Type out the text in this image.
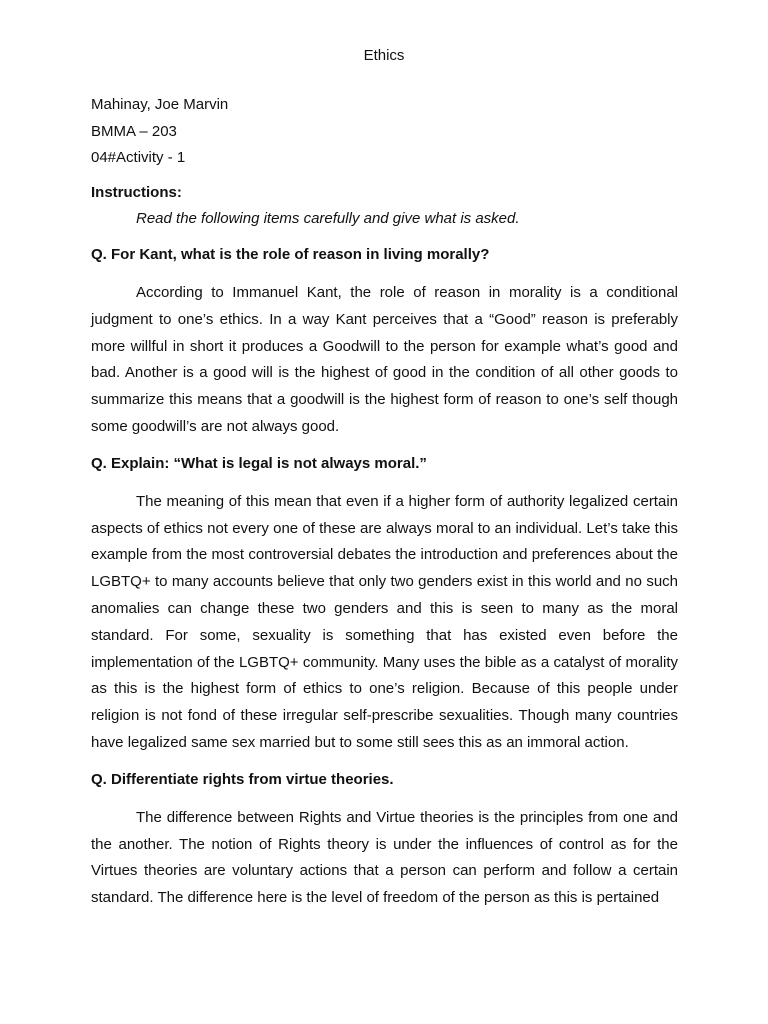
Ethics
Mahinay, Joe Marvin
BMMA – 203
04#Activity - 1

Instructions:

Read the following items carefully and give what is asked.

Q. For Kant, what is the role of reason in living morally?

According to Immanuel Kant, the role of reason in morality is a conditional judgment to one’s ethics. In a way Kant perceives that a “Good” reason is preferably more willful in short it produces a Goodwill to the person for example what’s good and bad. Another is a good will is the highest of good in the condition of all other goods to summarize this means that a goodwill is the highest form of reason to one’s self though some goodwill’s are not always good.

Q. Explain: “What is legal is not always moral.”

The meaning of this mean that even if a higher form of authority legalized certain aspects of ethics not every one of these are always moral to an individual. Let’s take this example from the most controversial debates the introduction and preferences about the LGBTQ+ to many accounts believe that only two genders exist in this world and no such anomalies can change these two genders and this is seen to many as the moral standard. For some, sexuality is something that has existed even before the implementation of the LGBTQ+ community. Many uses the bible as a catalyst of morality as this is the highest form of ethics to one’s religion. Because of this people under religion is not fond of these irregular self-prescribe sexualities. Though many countries have legalized same sex married but to some still sees this as an immoral action.

Q. Differentiate rights from virtue theories.

The difference between Rights and Virtue theories is the principles from one and the another. The notion of Rights theory is under the influences of control as for the Virtues theories are voluntary actions that a person can perform and follow a certain standard. The difference here is the level of freedom of the person as this is pertained
